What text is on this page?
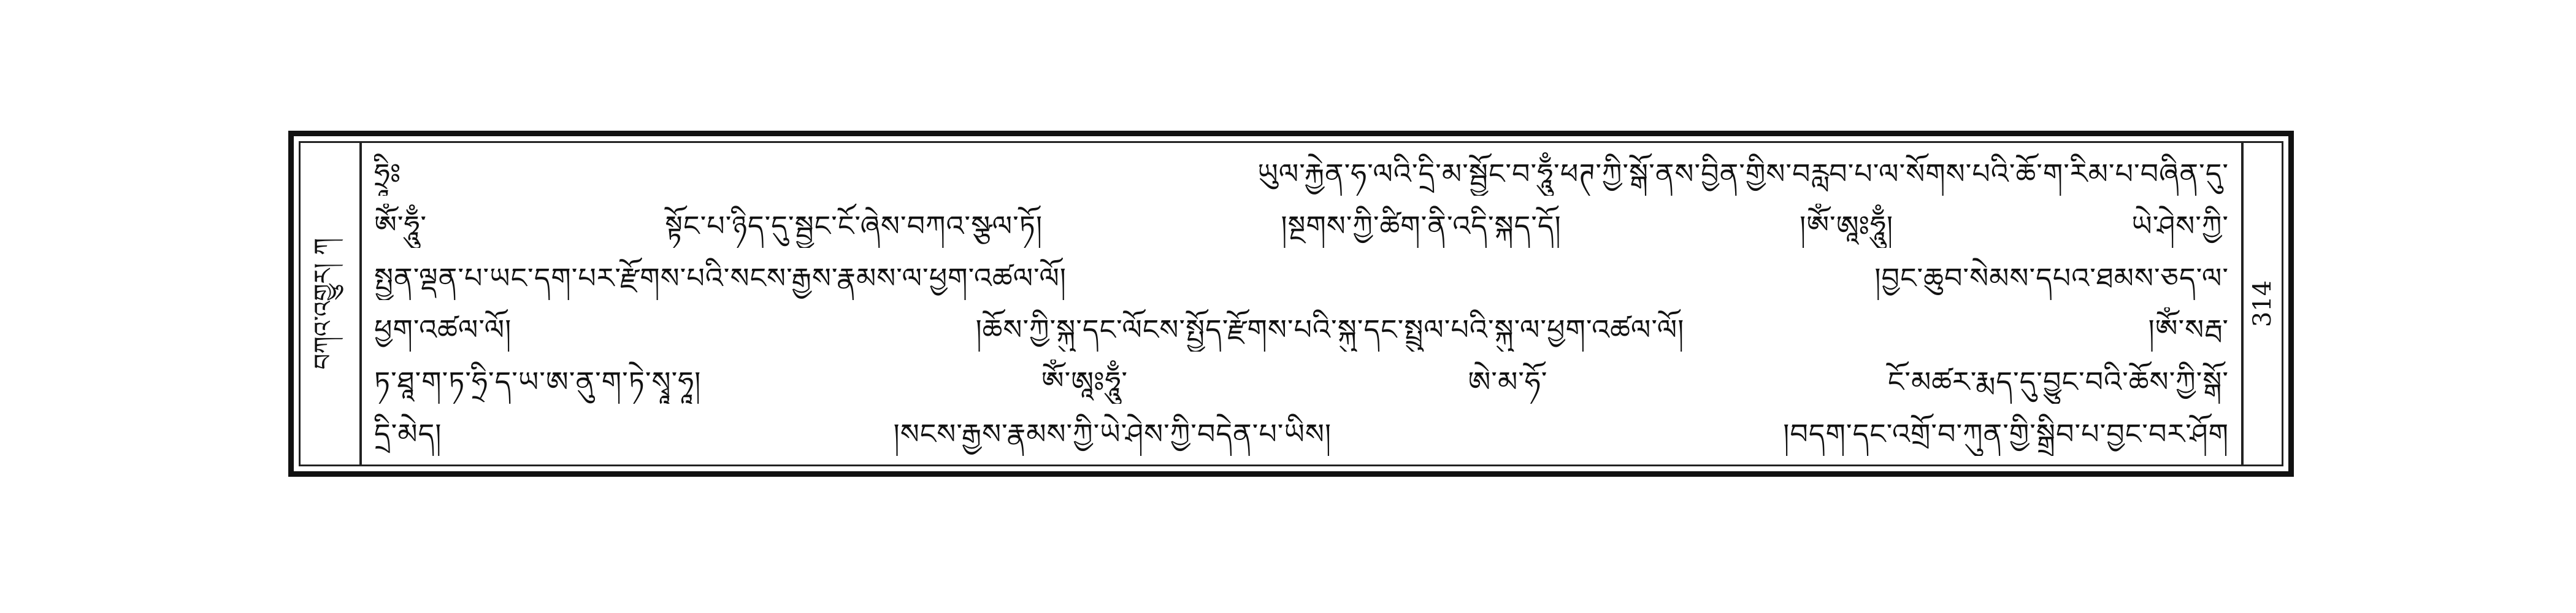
བཀའ་འགྱུར། ཀ
ཧྲཱིཿ ཡུལ་རྐྱེན་ཧ་ལའི་དྲི་མ་སྦྱོང་བ་ཧཱུྃ་ཕཊ་ཀྱི་སྒོ་ནས་བྱིན་གྱིས་བརླབ་པ་ལ་སོགས་པའི་ཆོ་ག་རིམ་པ་བཞིན་དུ་
ཨོཾ་ཧཱུྃ་ སྟོང་པ་ཉིད་དུ་སྦྱང་ངོ་ཞེས་བཀའ་སྩལ་ཏོ། །སྔགས་ཀྱི་ཚིག་ནི་འདི་སྐད་དོ། །ཨོཾ་ཨཱཿཧཱུྃ། ཡེ་ཤེས་ཀྱི་
སྤྱན་ལྡན་པ་ཡང་དག་པར་རྫོགས་པའི་སངས་རྒྱས་རྣམས་ལ་ཕྱག་འཚལ་ལོ། །བྱང་ཆུབ་སེམས་དཔའ་ཐམས་ཅད་ལ་
ཕྱག་འཚལ་ལོ། །ཆོས་ཀྱི་སྐུ་དང་ལོངས་སྤྱོད་རྫོགས་པའི་སྐུ་དང་སྤྲུལ་པའི་སྐུ་ལ་ཕྱག་འཚལ་ལོ། །ཨོཾ་སརྦ་
ཏ་ཐཱ་ག་ཏ་ཧྲི་ད་ཡ་ཨ་ནུ་ག་ཏེ་སྭཱ་ཧཱ། ཨོཾ་ཨཱཿཧཱུྃ་ ཨེ་མ་ཧོ་ ངོ་མཚར་རྨད་དུ་བྱུང་བའི་ཆོས་ཀྱི་སྒོ་
དྲི་མེད། །སངས་རྒྱས་རྣམས་ཀྱི་ཡེ་ཤེས་ཀྱི་བདེན་པ་ཡིས། །བདག་དང་འགྲོ་བ་ཀུན་གྱི་སྒྲིབ་པ་བྱང་བར་ཤོག
314
